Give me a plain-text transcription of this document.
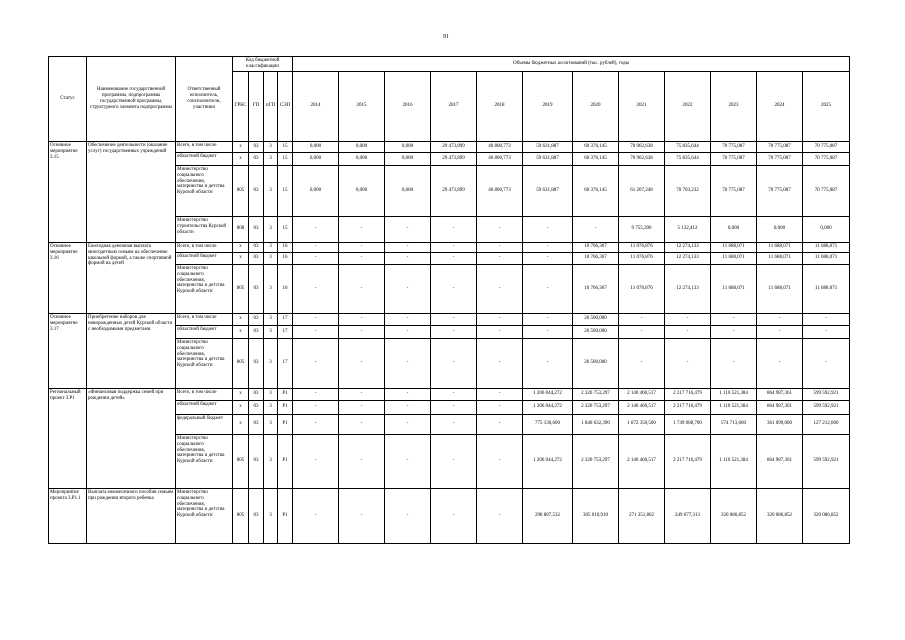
91
Статус	Наименование государственной программы, подпрограммы государственной программы, структурного элемента подпрограммы	Ответственный исполнитель, соисполнители, участники	Код бюджетной классификации				Объемы бюджетных ассигнований (тыс. рублей), годы											
			ГРБС	ГП	пГП	СЭП	2014	2015	2016	2017	2018	2019	2020	2021	2022	2023	2024	2025
Основное мероприятие 3.15	Обеспечение деятельности (оказание услуг) государственных учреждений	Всего, в том числе	х	03	3	15	0,000	0,000	0,000	29 473,899	40 800,773	59 631,887	60 376,145	70 962,638	75 835,644	70 775,087	70 775,087	70 775,087
		областной бюджет	х	03	3	15	0,000	0,000	0,000	29 473,899	40 800,773	59 631,887	60 376,145	70 962,638	75 835,644	70 775,087	70 775,087	70 775,087
		Министерство социального обеспечения, материнства и детства Курской области	805	03	3	15	0,000	0,000	0,000	29 473,899	40 800,773	59 631,887	60 376,145	61 207,248	70 703,232	70 775,087	70 775,087	70 775,087
		Министерство строительства Курской области	808	03	3	15	-	-	-	-	-	-	-	9 755,390	5 132,412	0,000	0,000	0,000
Основное мероприятие 3.16	Ежегодная денежная выплата многодетным семьям на обеспечение школьной формой, а также спортивной формой на детей	Всего, в том числе	х	03	3	16	-	-	-	-	-	-	10 766,367	11 076,876	12 274,133	11 688,071	11 688,071	11 688,071
		областной бюджет	х	03	3	16	-	-	-	-	-	-	10 766,367	11 076,876	12 274,133	11 688,071	11 688,071	11 688,071
		Министерство социального обеспечения, материнства и детства Курской области	805	03	3	16	-	-	-	-	-	-	10 766,367	11 076,876	12 274,133	11 688,071	11 688,071	11 688,071
Основное мероприятие 3.17	Приобретение наборов для новорожденных детей Курской области с необходимыми предметами	Всего, в том числе	х	03	3	17	-	-	-	-	-	-	26 500,000	-	-	-	-	-
		областной бюджет	х	03	3	17	-	-	-	-	-	-	26 500,000	-	-	-	-	-
		Министерство социального обеспечения, материнства и детства Курской области	805	03	3	17	-	-	-	-	-	-	26 500,000	-	-	-	-	-
Региональный проект 3.Р1	«Финансовая поддержка семей при рождении детей»	Всего, в том числе	х	03	3	Р1	-	-	-	-	-	1 206 044,272	2 320 753,297	2 140 460,517	2 217 716,479	1 110 521,384	864 987,361	599 592,921
		областной бюджет	х	03	3	Р1	-	-	-	-	-	1 206 044,272	2 320 753,297	2 140 460,517	2 217 716,479	1 110 521,384	864 987,361	599 592,921
		федеральный бюджет	х	03	3	Р1	-	-	-	-	-	775 130,600	1 840 632,390	1 672 350,500	1 749 008,700	574 713,600	361 099,000	127 212,600
		Министерство социального обеспечения, материнства и детства Курской области	805	03	3	Р1	-	-	-	-	-	1 206 044,272	2 320 753,297	2 140 460,517	2 217 716,479	1 110 521,384	864 987,361	599 592,921
Мероприятие проекта 3.Р1.1	Выплата ежемесячного пособия семьям при рождении второго ребенка	Министерство социального обеспечения, материнства и детства Курской области	805	03	3	Р1	-	-	-	-	-	298 887,532	305 010,910	271 351,862	249 677,313	320 086,852	320 086,852	320 086,852
